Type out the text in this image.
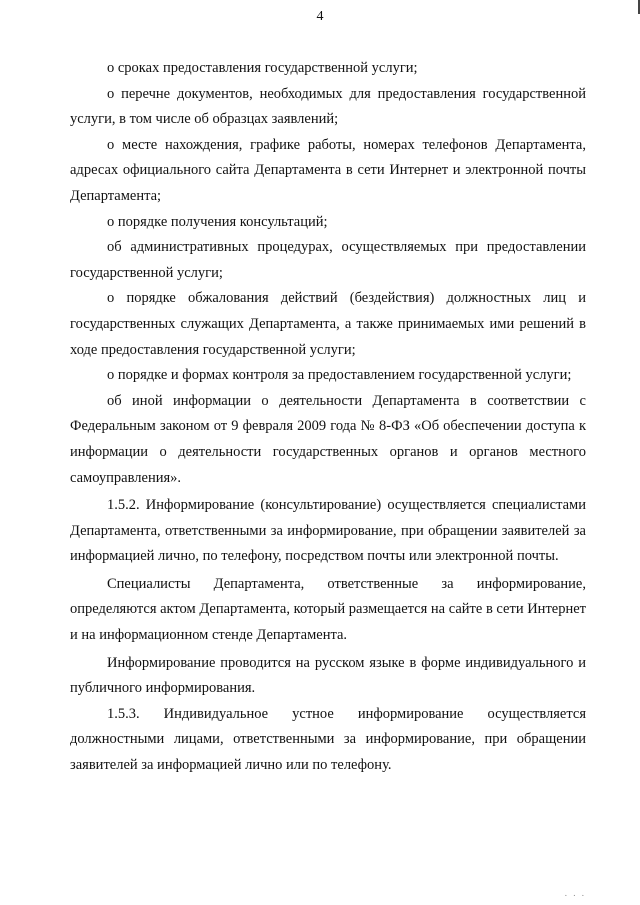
4

о сроках предоставления государственной услуги;

о перечне документов, необходимых для предоставления государственной услуги, в том числе об образцах заявлений;

о месте нахождения, графике работы, номерах телефонов Департамента, адресах официального сайта Департамента в сети Интернет и электронной почты Департамента;

о порядке получения консультаций;

об административных процедурах, осуществляемых при предоставлении государственной услуги;

о порядке обжалования действий (бездействия) должностных лиц и государственных служащих Департамента, а также принимаемых ими решений в ходе предоставления государственной услуги;

о порядке и формах контроля за предоставлением государственной услуги;

об иной информации о деятельности Департамента в соответствии с Федеральным законом от 9 февраля 2009 года № 8-ФЗ «Об обеспечении доступа к информации о деятельности государственных органов и органов местного самоуправления».

1.5.2. Информирование (консультирование) осуществляется специалистами Департамента, ответственными за информирование, при обращении заявителей за информацией лично, по телефону, посредством почты или электронной почты.

Специалисты Департамента, ответственные за информирование, определяются актом Департамента, который размещается на сайте в сети Интернет и на информационном стенде Департамента.

Информирование проводится на русском языке в форме индивидуального и публичного информирования.

1.5.3. Индивидуальное устное информирование осуществляется должностными лицами, ответственными за информирование, при обращении заявителей за информацией лично или по телефону.

. . .
